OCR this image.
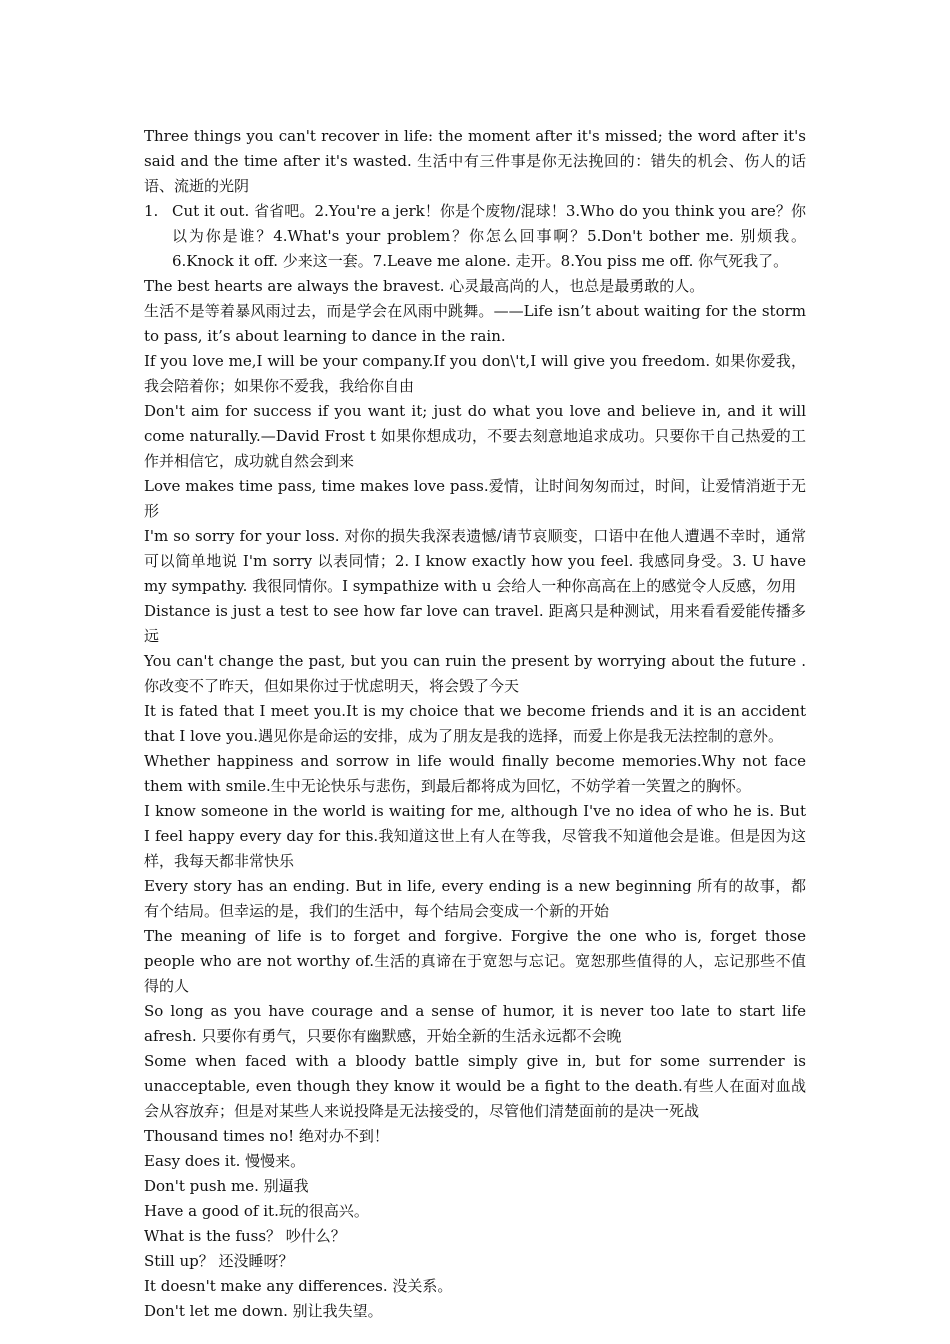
Three things you can't recover in life: the moment after it's missed; the word after it's said and the time after it's wasted. 生活中有三件事是你无法挽回的：错失的机会、伤人的话语、流逝的光阴

1. Cut it out. 省省吧。2.You're a jerk！你是个废物/混球！3.Who do you think you are？你以为你是谁？4.What's your problem？你怎么回事啊？5.Don't bother me. 别烦我。6.Knock it off. 少来这一套。7.Leave me alone. 走开。8.You piss me off. 你气死我了。

The best hearts are always the bravest. 心灵最高尚的人，也总是最勇敢的人。

生活不是等着暴风雨过去，而是学会在风雨中跳舞。——Life isn’t about waiting for the storm to pass, it’s about learning to dance in the rain.

If you love me,I will be your company.If you don\'t,I will give you freedom. 如果你爱我，我会陪着你；如果你不爱我，我给你自由

Don't aim for success if you want it; just do what you love and believe in, and it will come naturally.—David Frost t 如果你想成功，不要去刻意地追求成功。只要你干自己热爱的工作并相信它，成功就自然会到来

Love makes time pass, time makes love pass.爱情，让时间匆匆而过，时间，让爱情消逝于无形

I'm so sorry for your loss. 对你的损失我深表遗憾/请节哀顺变，口语中在他人遭遇不幸时，通常可以简单地说 I'm sorry 以表同情；2. I know exactly how you feel. 我感同身受。3. U have my sympathy. 我很同情你。I sympathize with u 会给人一种你高高在上的感觉令人反感，勿用

Distance is just a test to see how far love can travel. 距离只是种测试，用来看看爱能传播多远

You can't change the past, but you can ruin the present by worrying about the future .你改变不了昨天，但如果你过于忧虑明天，将会毁了今天

It is fated that I meet you.It is my choice that we become friends and it is an accident that I love you.遇见你是命运的安排，成为了朋友是我的选择，而爱上你是我无法控制的意外。

Whether happiness and sorrow in life would finally become memories.Why not face them with smile.生中无论快乐与悲伤，到最后都将成为回忆，不妨学着一笑置之的胸怀。

I know someone in the world is waiting for me, although I've no idea of who he is. But I feel happy every day for this.我知道这世上有人在等我，尽管我不知道他会是谁。但是因为这样，我每天都非常快乐

Every story has an ending. But in life, every ending is a new beginning 所有的故事，都有个结局。但幸运的是，我们的生活中，每个结局会变成一个新的开始

The meaning of life is to forget and forgive. Forgive the one who is, forget those people who are not worthy of.生活的真谛在于宽恕与忘记。宽恕那些值得的人，忘记那些不值得的人

So long as you have courage and a sense of humor, it is never too late to start life afresh. 只要你有勇气，只要你有幽默感，开始全新的生活永远都不会晚

Some when faced with a bloody battle simply give in, but for some surrender is unacceptable, even though they know it would be a fight to the death.有些人在面对血战会从容放弃；但是对某些人来说投降是无法接受的，尽管他们清楚面前的是决一死战

Thousand times no! 绝对办不到！

Easy does it. 慢慢来。

Don't push me. 别逼我

Have a good of it.玩的很高兴。

What is the fuss？ 吵什么？

Still up？ 还没睡呀？

It doesn't make any differences. 没关系。

Don't let me down. 别让我失望。
